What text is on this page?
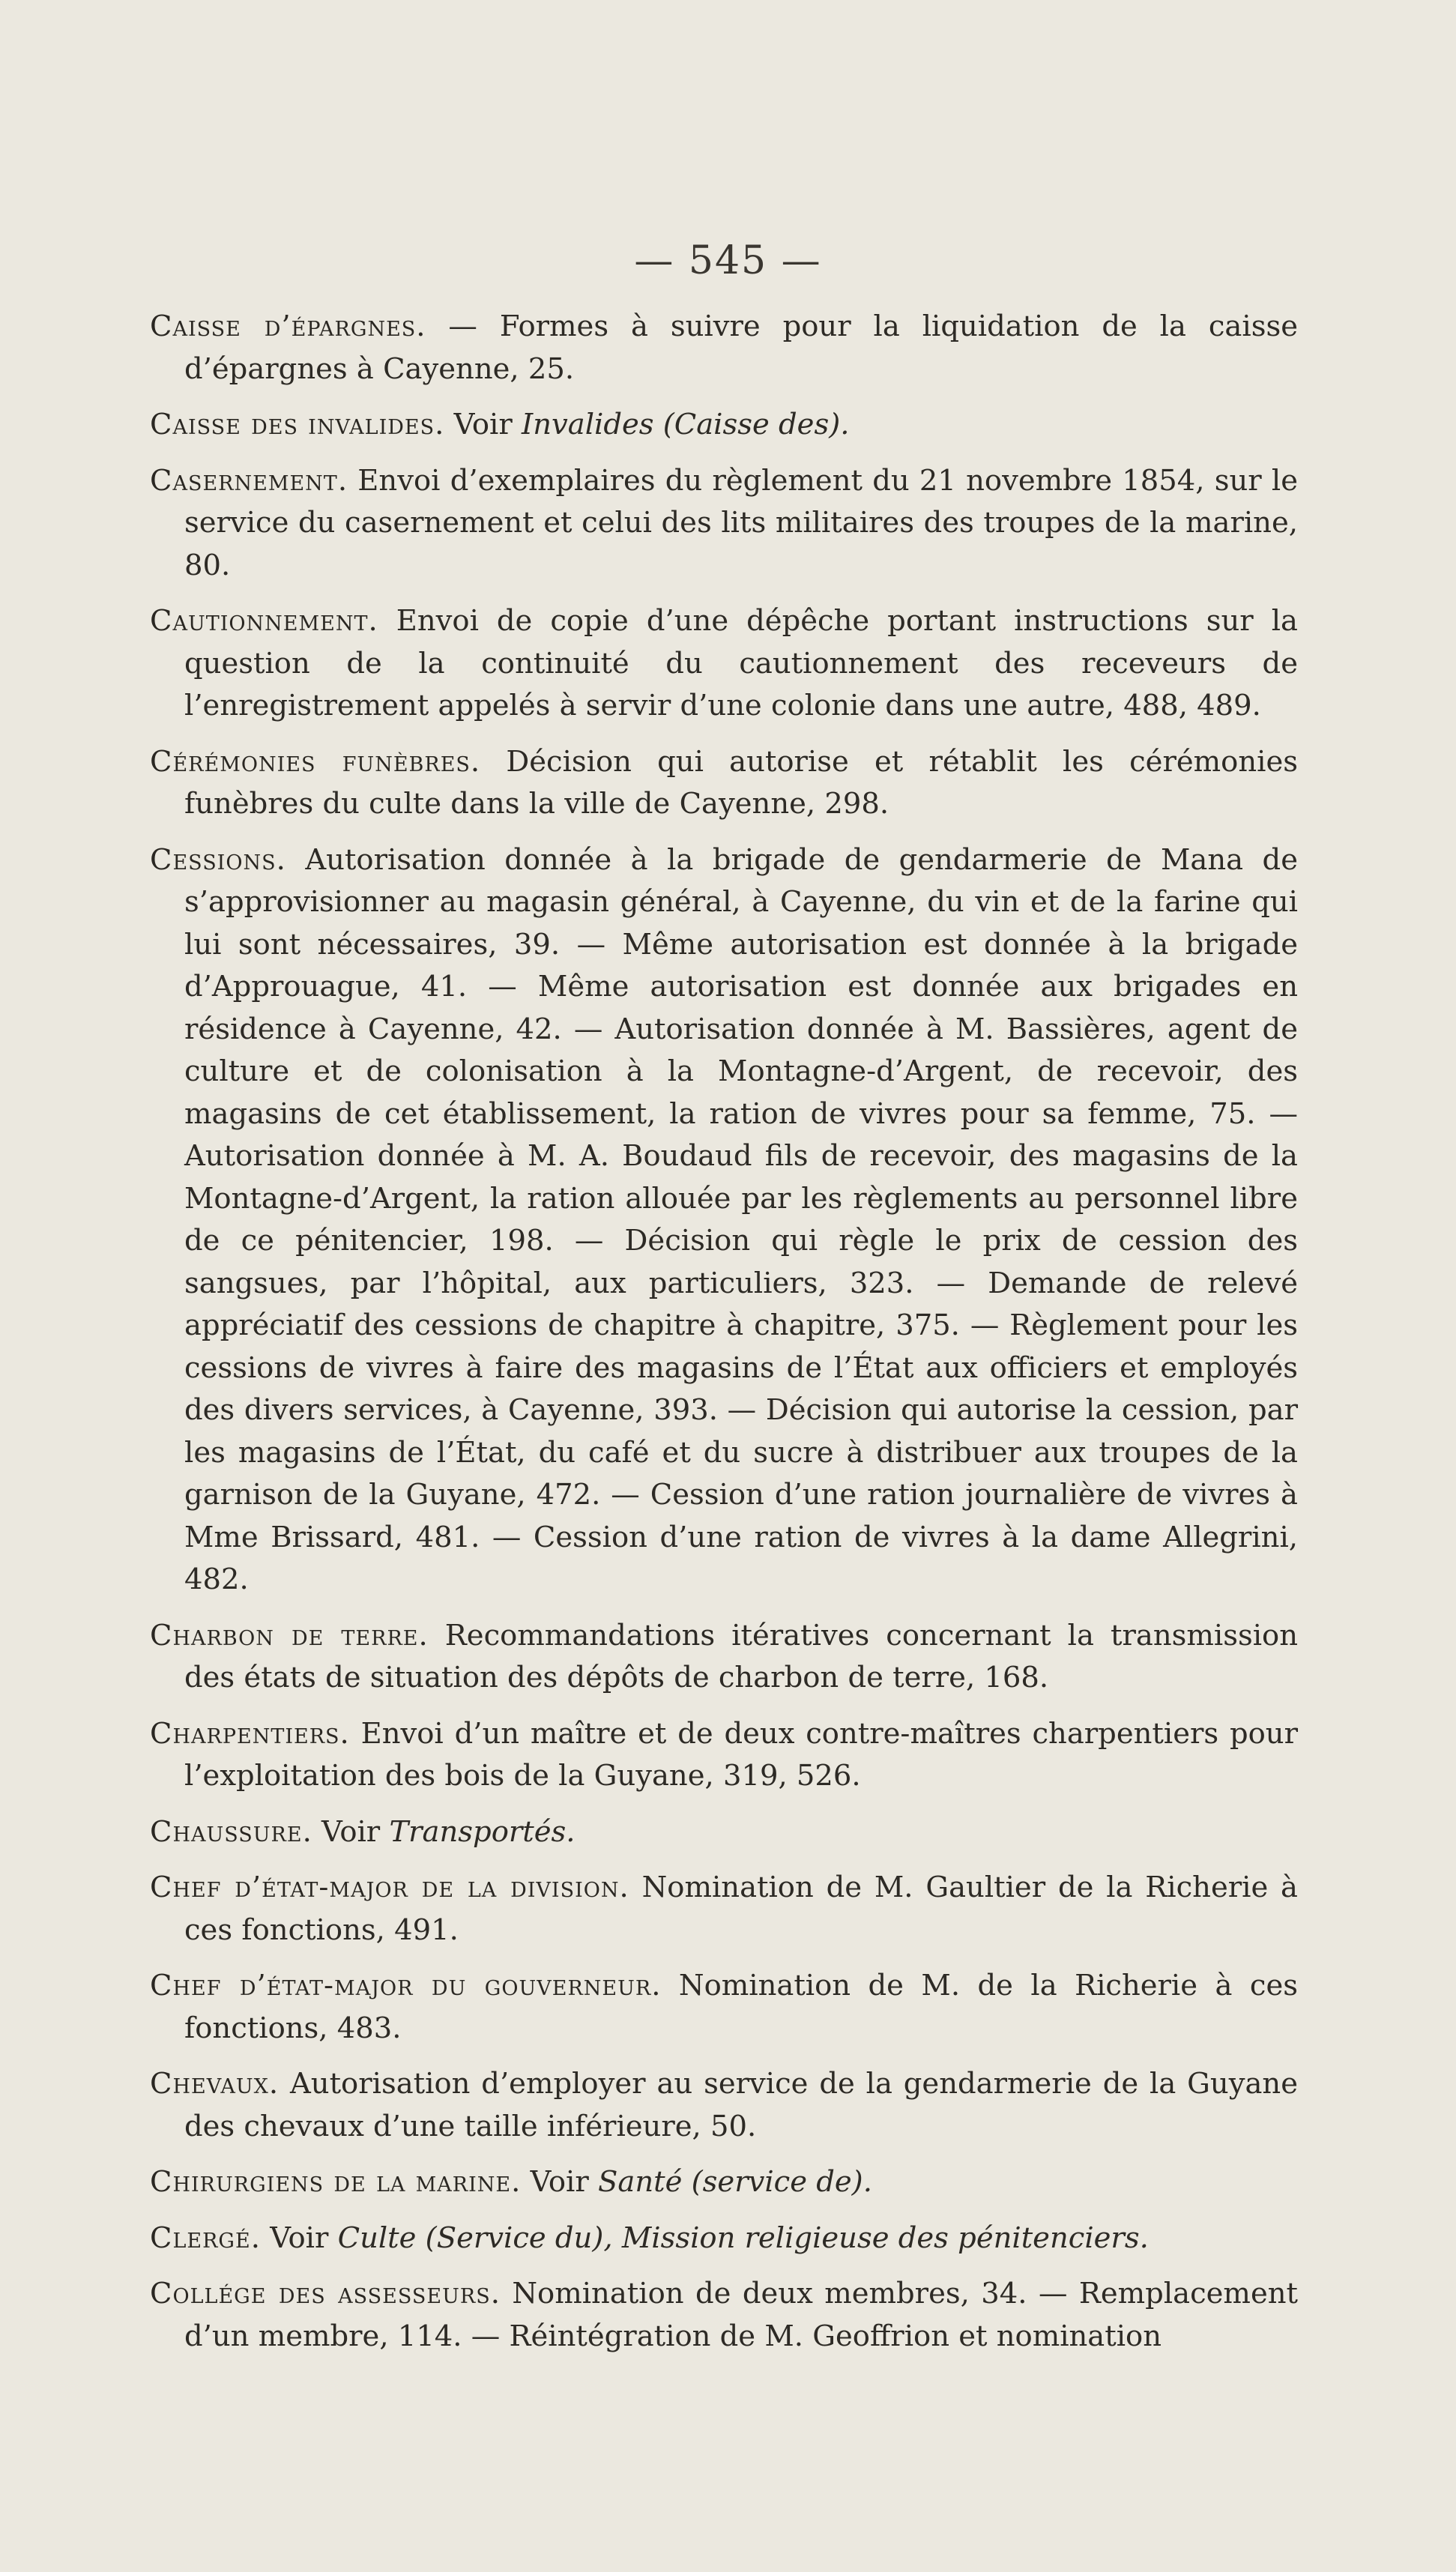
— 545 —

Caisse d’épargnes. — Formes à suivre pour la liquidation de la caisse d’épargnes à Cayenne, 25.

Caisse des invalides. Voir Invalides (Caisse des).

Casernement. Envoi d’exemplaires du règlement du 21 novembre 1854, sur le service du casernement et celui des lits militaires des troupes de la marine, 80.

Cautionnement. Envoi de copie d’une dépêche portant instructions sur la question de la continuité du cautionnement des receveurs de l’enregistrement appelés à servir d’une colonie dans une autre, 488, 489.

Cérémonies funèbres. Décision qui autorise et rétablit les cérémonies funèbres du culte dans la ville de Cayenne, 298.

Cessions. Autorisation donnée à la brigade de gendarmerie de Mana de s’approvisionner au magasin général, à Cayenne, du vin et de la farine qui lui sont nécessaires, 39. — Même autorisation est donnée à la brigade d’Approuague, 41. — Même autorisation est donnée aux brigades en résidence à Cayenne, 42. — Autorisation donnée à M. Bassières, agent de culture et de colonisation à la Montagne-d’Argent, de recevoir, des magasins de cet établissement, la ration de vivres pour sa femme, 75. — Autorisation donnée à M. A. Boudaud fils de recevoir, des magasins de la Montagne-d’Argent, la ration allouée par les règlements au personnel libre de ce pénitencier, 198. — Décision qui règle le prix de cession des sangsues, par l’hôpital, aux particuliers, 323. — Demande de relevé appréciatif des cessions de chapitre à chapitre, 375. — Règlement pour les cessions de vivres à faire des magasins de l’État aux officiers et employés des divers services, à Cayenne, 393. — Décision qui autorise la cession, par les magasins de l’État, du café et du sucre à distribuer aux troupes de la garnison de la Guyane, 472. — Cession d’une ration journalière de vivres à Mme Brissard, 481. — Cession d’une ration de vivres à la dame Allegrini, 482.

Charbon de terre. Recommandations itératives concernant la transmission des états de situation des dépôts de charbon de terre, 168.

Charpentiers. Envoi d’un maître et de deux contre-maîtres charpentiers pour l’exploitation des bois de la Guyane, 319, 526.

Chaussure. Voir Transportés.

Chef d’état-major de la division. Nomination de M. Gaultier de la Richerie à ces fonctions, 491.

Chef d’état-major du gouverneur. Nomination de M. de la Richerie à ces fonctions, 483.

Chevaux. Autorisation d’employer au service de la gendarmerie de la Guyane des chevaux d’une taille inférieure, 50.

Chirurgiens de la marine. Voir Santé (service de).

Clergé. Voir Culte (Service du), Mission religieuse des pénitenciers.

Collége des assesseurs. Nomination de deux membres, 34. — Remplacement d’un membre, 114. — Réintégration de M. Geoffrion et nomination
